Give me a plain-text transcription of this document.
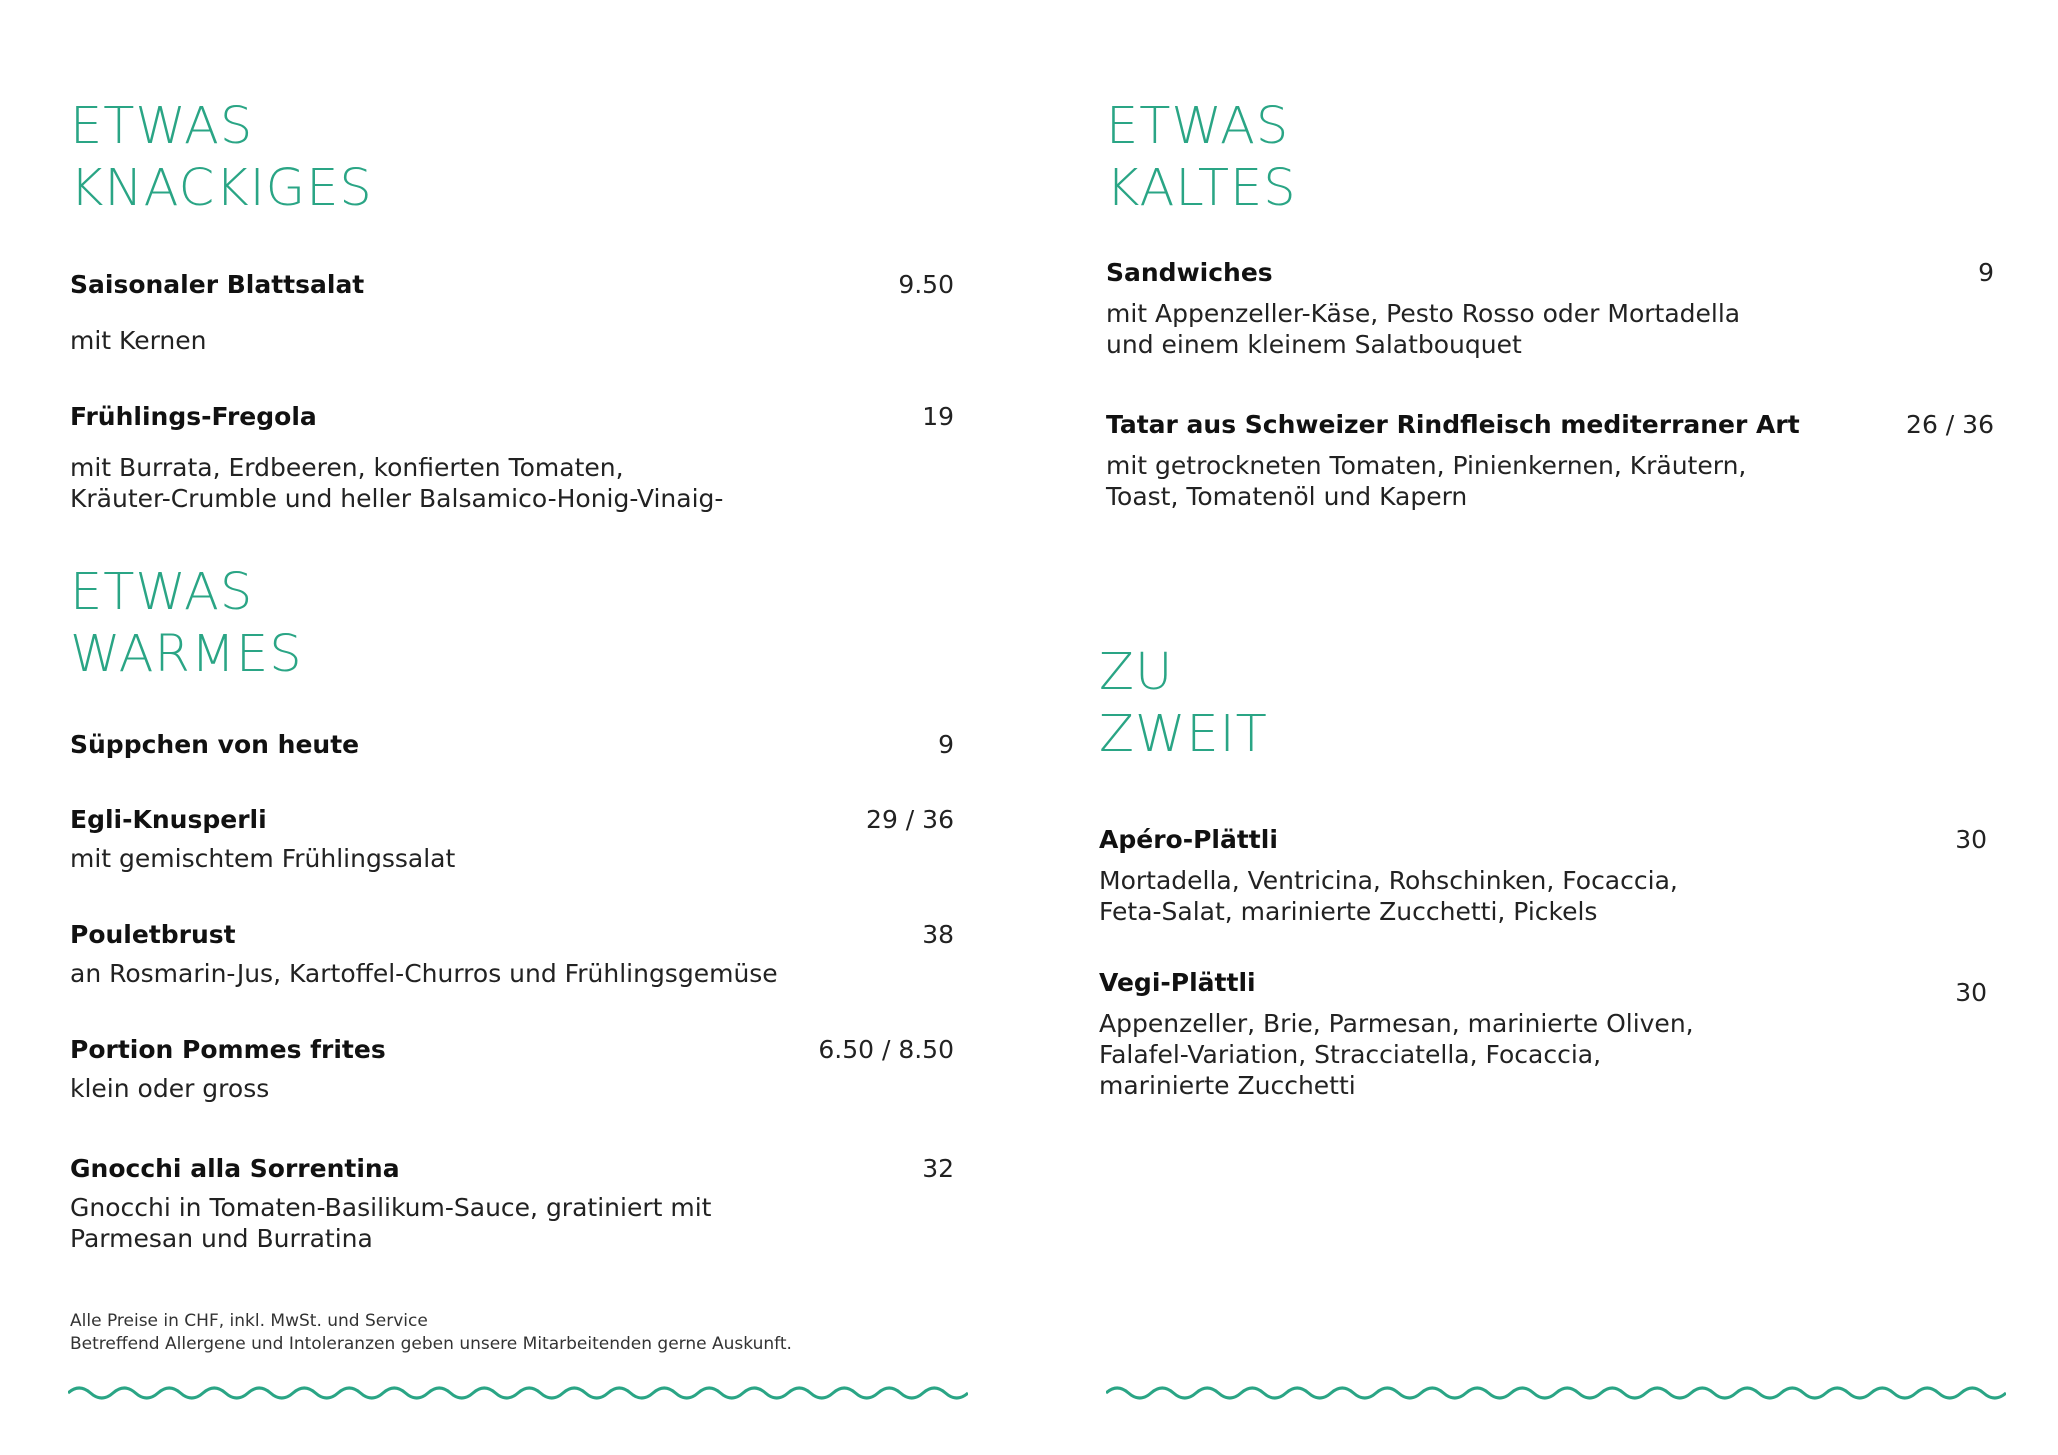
ETWAS
KNACKIGES
Saisonaler Blattsalat	9.50
mit Kernen
Frühlings-Fregola	19
mit Burrata, Erdbeeren, konfierten Tomaten,
Kräuter-Crumble und heller Balsamico-Honig-Vinaig-
ETWAS
WARMES
Süppchen von heute	9
Egli-Knusperli	29 / 36
mit gemischtem Frühlingssalat
Pouletbrust	38
an Rosmarin-Jus, Kartoffel-Churros und Frühlingsgemüse
Portion Pommes frites	6.50 / 8.50
klein oder gross
Gnocchi alla Sorrentina	32
Gnocchi in Tomaten-Basilikum-Sauce, gratiniert mit
Parmesan und Burratina
Alle Preise in CHF, inkl. MwSt. und Service
Betreffend Allergene und Intoleranzen geben unsere Mitarbeitenden gerne Auskunft.
ETWAS
KALTES
Sandwiches	9
mit Appenzeller-Käse, Pesto Rosso oder Mortadella
und einem kleinem Salatbouquet
Tatar aus Schweizer Rindfleisch mediterraner Art	26 / 36
mit getrockneten Tomaten, Pinienkernen, Kräutern,
Toast, Tomatenöl und Kapern
ZU
ZWEIT
Apéro-Plättli	30
Mortadella, Ventricina, Rohschinken, Focaccia,
Feta-Salat, marinierte Zucchetti, Pickels
Vegi-Plättli	30
Appenzeller, Brie, Parmesan, marinierte Oliven,
Falafel-Variation, Stracciatella, Focaccia,
marinierte Zucchetti
